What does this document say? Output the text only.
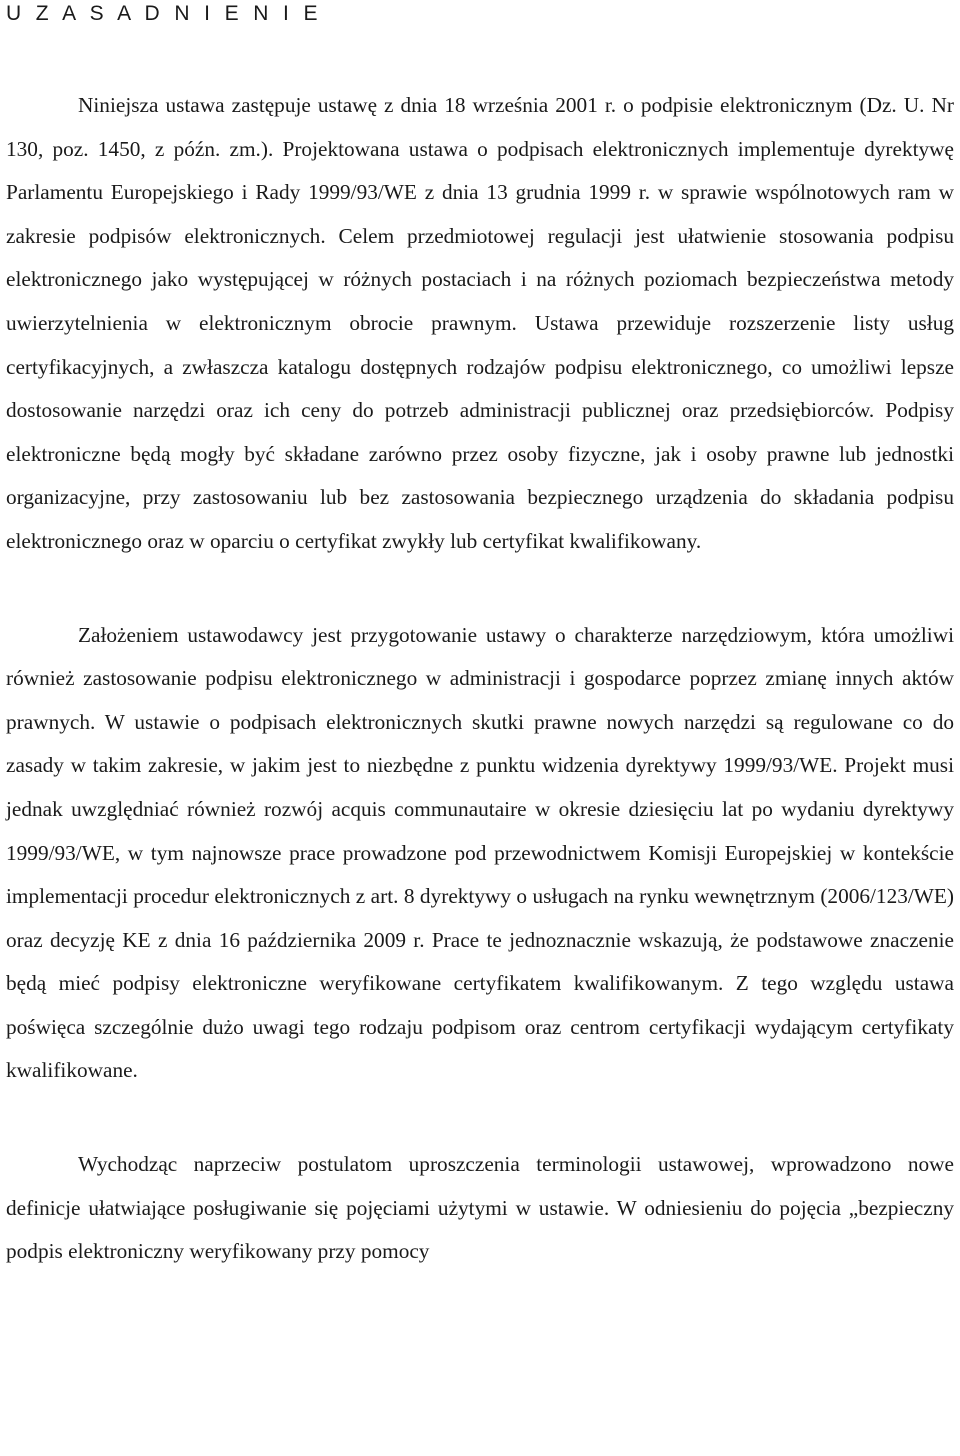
U Z A S A D N I E N I E

Niniejsza ustawa zastępuje ustawę z dnia 18 września 2001 r. o podpisie elektronicznym (Dz. U. Nr 130, poz. 1450, z późn. zm.). Projektowana ustawa o podpisach elektronicznych implementuje dyrektywę Parlamentu Europejskiego i Rady 1999/93/WE z dnia 13 grudnia 1999 r. w sprawie wspólnotowych ram w zakresie podpisów elektronicznych. Celem przedmiotowej regulacji jest ułatwienie stosowania podpisu elektronicznego jako występującej w różnych postaciach i na różnych poziomach bezpieczeństwa metody uwierzytelnienia w elektronicznym obrocie prawnym. Ustawa przewiduje rozszerzenie listy usług certyfikacyjnych, a zwłaszcza katalogu dostępnych rodzajów podpisu elektronicznego, co umożliwi lepsze dostosowanie narzędzi oraz ich ceny do potrzeb administracji publicznej oraz przedsiębiorców. Podpisy elektroniczne będą mogły być składane zarówno przez osoby fizyczne, jak i osoby prawne lub jednostki organizacyjne, przy zastosowaniu lub bez zastosowania bezpiecznego urządzenia do składania podpisu elektronicznego oraz w oparciu o certyfikat zwykły lub certyfikat kwalifikowany.

Założeniem ustawodawcy jest przygotowanie ustawy o charakterze narzędziowym, która umożliwi również zastosowanie podpisu elektronicznego w administracji i gospodarce poprzez zmianę innych aktów prawnych. W ustawie o podpisach elektronicznych skutki prawne nowych narzędzi są regulowane co do zasady w takim zakresie, w jakim jest to niezbędne z punktu widzenia dyrektywy 1999/93/WE. Projekt musi jednak uwzględniać również rozwój acquis communautaire w okresie dziesięciu lat po wydaniu dyrektywy 1999/93/WE, w tym najnowsze prace prowadzone pod przewodnictwem Komisji Europejskiej w kontekście implementacji procedur elektronicznych z art. 8 dyrektywy o usługach na rynku wewnętrznym (2006/123/WE) oraz decyzję KE z dnia 16 października 2009 r. Prace te jednoznacznie wskazują, że podstawowe znaczenie będą mieć podpisy elektroniczne weryfikowane certyfikatem kwalifikowanym. Z tego względu ustawa poświęca szczególnie dużo uwagi tego rodzaju podpisom oraz centrom certyfikacji wydającym certyfikaty kwalifikowane.

Wychodząc naprzeciw postulatom uproszczenia terminologii ustawowej, wprowadzono nowe definicje ułatwiające posługiwanie się pojęciami użytymi w ustawie. W odniesieniu do pojęcia „bezpieczny podpis elektroniczny weryfikowany przy pomocy
